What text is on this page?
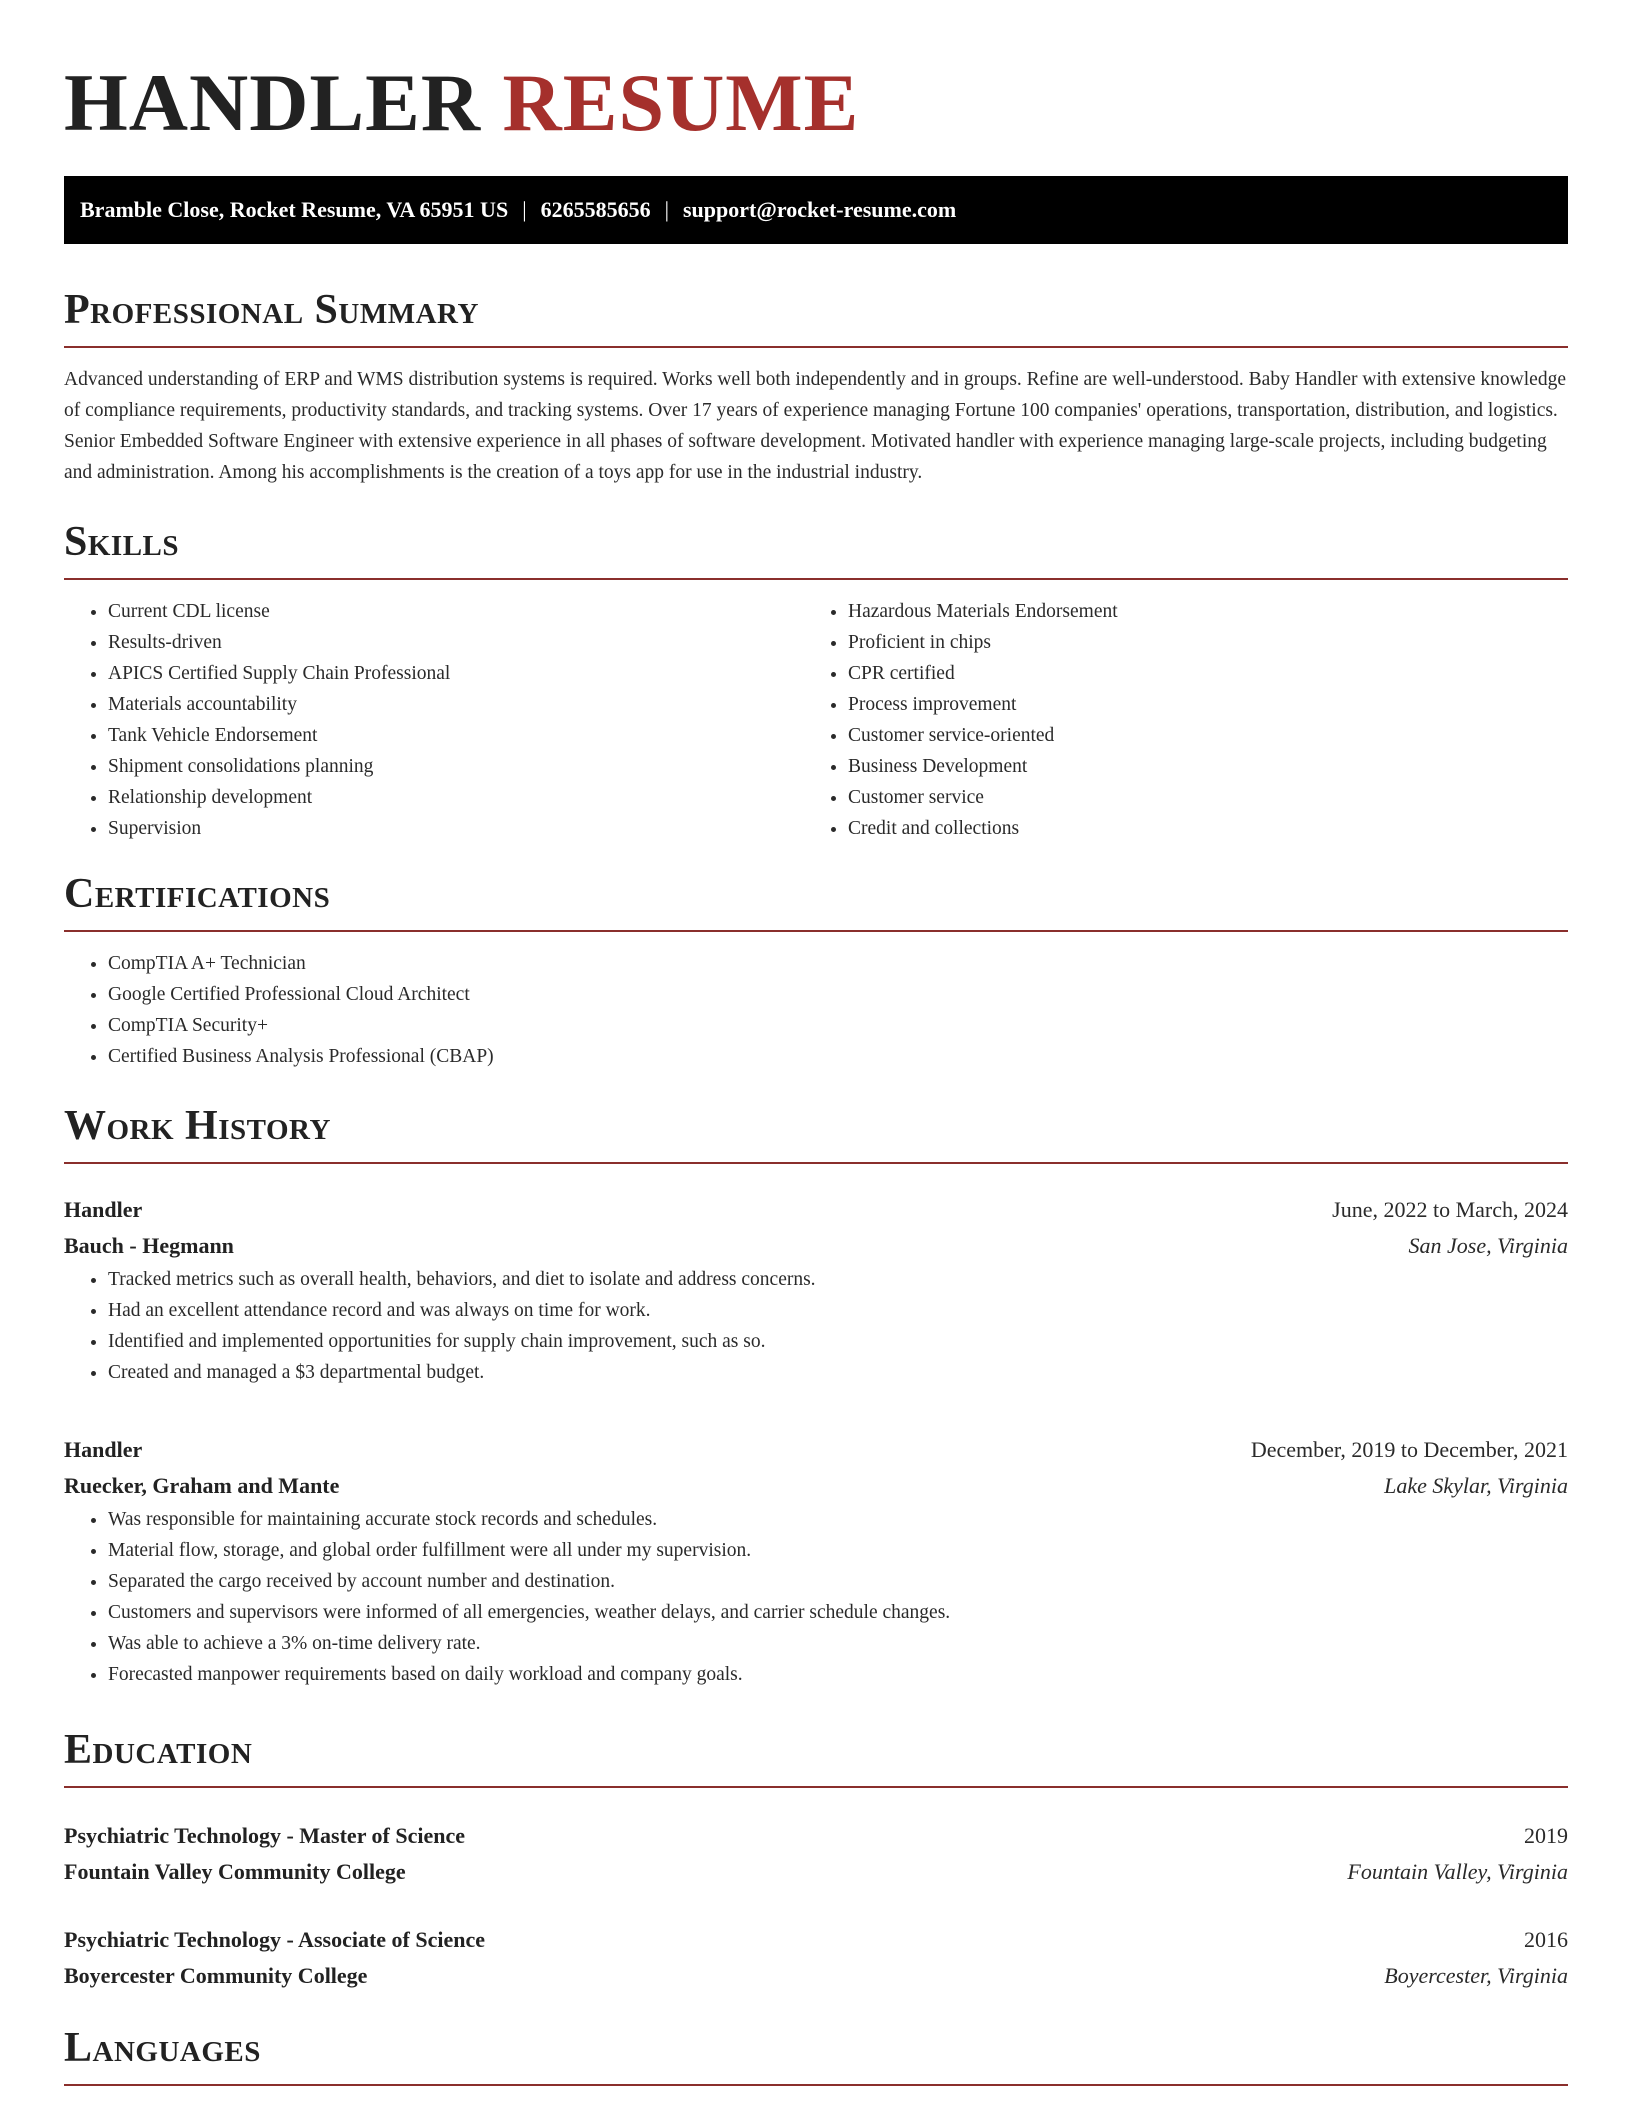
HANDLER RESUME
Bramble Close, Rocket Resume, VA 65951 US | 6265585656 | support@rocket-resume.com
Professional Summary

Advanced understanding of ERP and WMS distribution systems is required. Works well both independently and in groups. Refine are well-understood. Baby Handler with extensive knowledge of compliance requirements, productivity standards, and tracking systems. Over 17 years of experience managing Fortune 100 companies' operations, transportation, distribution, and logistics. Senior Embedded Software Engineer with extensive experience in all phases of software development. Motivated handler with experience managing large-scale projects, including budgeting and administration. Among his accomplishments is the creation of a toys app for use in the industrial industry.

Skills
• Current CDL license
• Results-driven
• APICS Certified Supply Chain Professional
• Materials accountability
• Tank Vehicle Endorsement
• Shipment consolidations planning
• Relationship development
• Supervision
• Hazardous Materials Endorsement
• Proficient in chips
• CPR certified
• Process improvement
• Customer service-oriented
• Business Development
• Customer service
• Credit and collections
Certifications
• CompTIA A+ Technician
• Google Certified Professional Cloud Architect
• CompTIA Security+
• Certified Business Analysis Professional (CBAP)
Work History
Handler	June, 2022 to March, 2024
Bauch - Hegmann	San Jose, Virginia
• Tracked metrics such as overall health, behaviors, and diet to isolate and address concerns.
• Had an excellent attendance record and was always on time for work.
• Identified and implemented opportunities for supply chain improvement, such as so.
• Created and managed a $3 departmental budget.
Handler	December, 2019 to December, 2021
Ruecker, Graham and Mante	Lake Skylar, Virginia
• Was responsible for maintaining accurate stock records and schedules.
• Material flow, storage, and global order fulfillment were all under my supervision.
• Separated the cargo received by account number and destination.
• Customers and supervisors were informed of all emergencies, weather delays, and carrier schedule changes.
• Was able to achieve a 3% on-time delivery rate.
• Forecasted manpower requirements based on daily workload and company goals.
Education
Psychiatric Technology - Master of Science	2019
Fountain Valley Community College	Fountain Valley, Virginia
Psychiatric Technology - Associate of Science	2016
Boyercester Community College	Boyercester, Virginia
Languages
